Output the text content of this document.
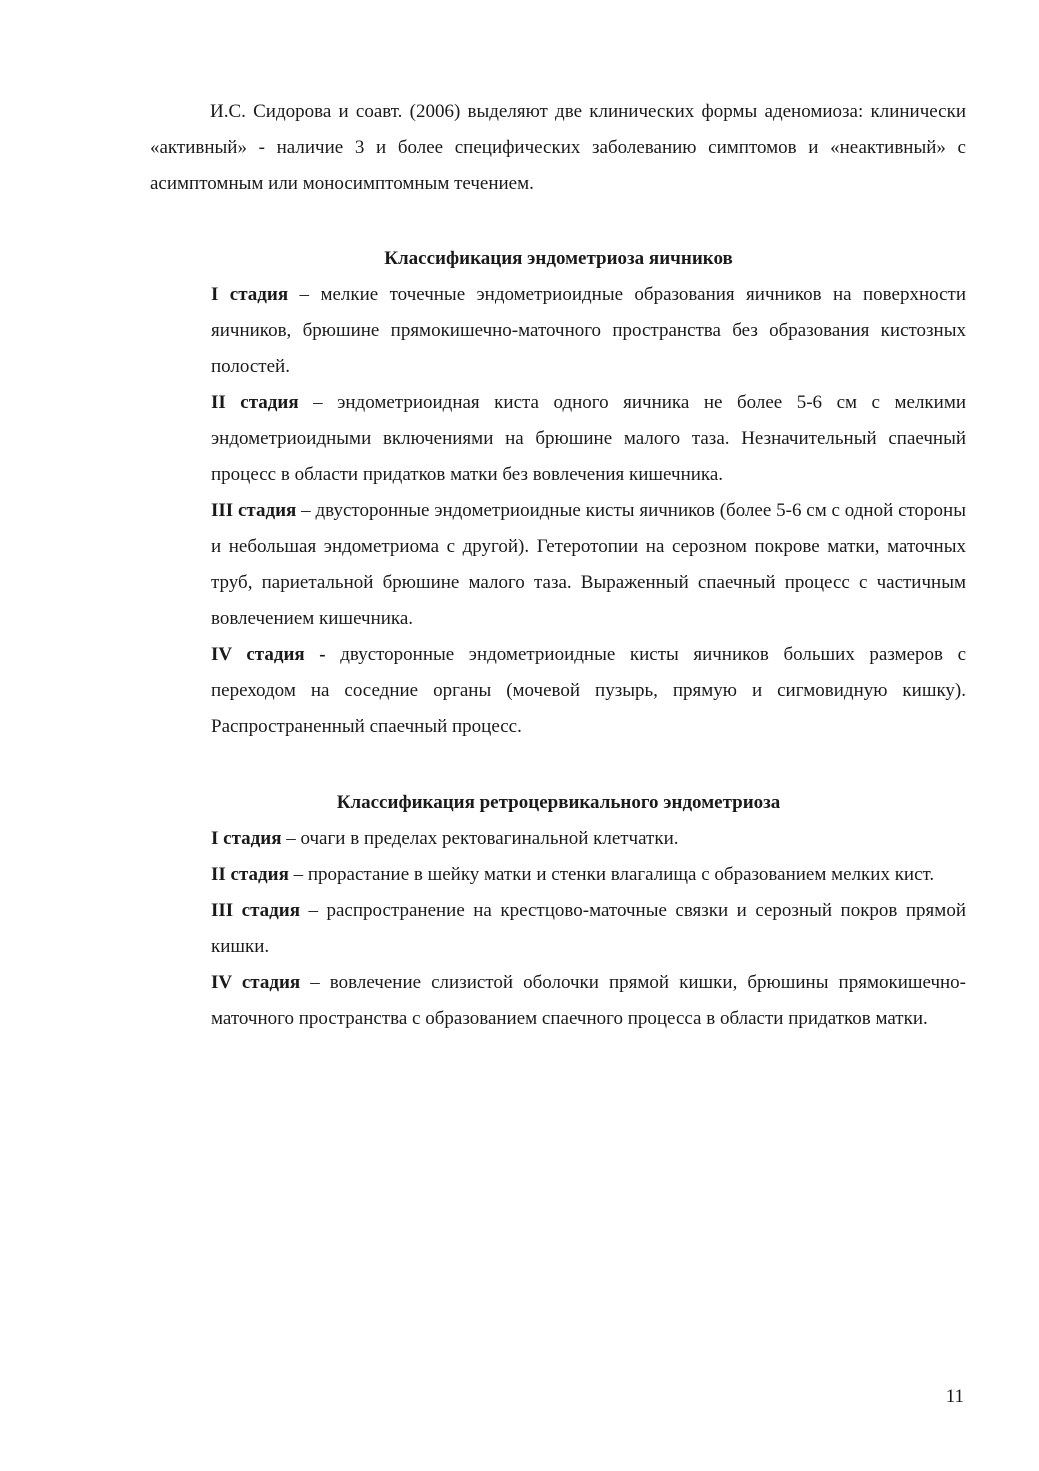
И.С. Сидорова и соавт. (2006) выделяют две клинических формы аденомиоза: клинически «активный» - наличие 3 и более специфических заболеванию симптомов и «неактивный» с асимптомным или моносимптомным течением.

Классификация эндометриоза яичников

I стадия – мелкие точечные эндометриоидные образования яичников на поверхности яичников, брюшине прямокишечно-маточного пространства без образования кистозных полостей.

II стадия – эндометриоидная киста одного яичника не более 5-6 см с мелкими эндометриоидными включениями на брюшине малого таза. Незначительный спаечный процесс в области придатков матки без вовлечения кишечника.

III стадия – двусторонные эндометриоидные кисты яичников (более 5-6 см с одной стороны и небольшая эндометриома с другой). Гетеротопии на серозном покрове матки, маточных труб, париетальной брюшине малого таза. Выраженный спаечный процесс с частичным вовлечением кишечника.

IV стадия - двусторонные эндометриоидные кисты яичников больших размеров с переходом на соседние органы (мочевой пузырь, прямую и сигмовидную кишку). Распространенный спаечный процесс.

Классификация ретроцервикального эндометриоза

I стадия – очаги в пределах ректовагинальной клетчатки.

II стадия – прорастание в шейку матки и стенки влагалища с образованием мелких кист.

III стадия – распространение на крестцово-маточные связки и серозный покров прямой кишки.

IV стадия – вовлечение слизистой оболочки прямой кишки, брюшины прямокишечно-маточного пространства с образованием спаечного процесса в области придатков матки.

11
